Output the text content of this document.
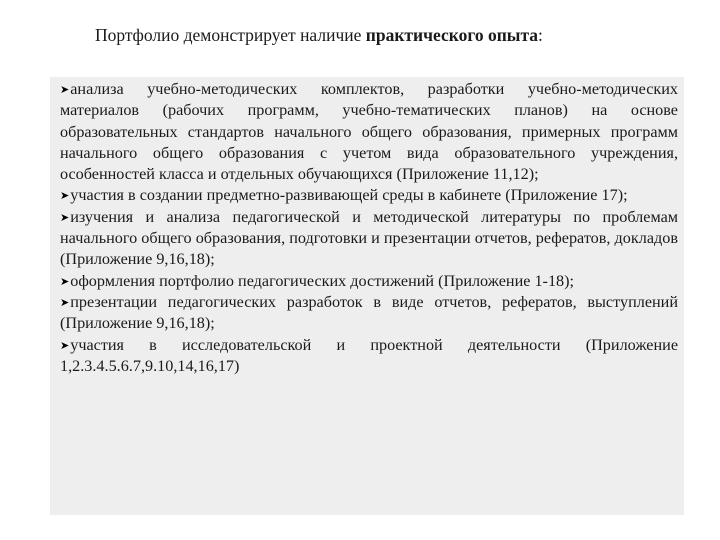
Портфолио демонстрирует наличие практического опыта:
➤анализа учебно-методических комплектов, разработки учебно-методических материалов (рабочих программ, учебно-тематических планов) на основе образовательных стандартов начального общего образования, примерных программ начального общего образования с учетом вида образовательного учреждения, особенностей класса и отдельных обучающихся (Приложение 11,12);
➤участия в создании предметно-развивающей среды в кабинете (Приложение 17);
➤изучения и анализа педагогической и методической литературы по проблемам начального общего образования, подготовки и презентации отчетов, рефератов, докладов (Приложение 9,16,18);
➤оформления портфолио педагогических достижений (Приложение 1-18);
➤презентации педагогических разработок в виде отчетов, рефератов, выступлений (Приложение 9,16,18);
➤участия в исследовательской и проектной деятельности (Приложение 1,2.3.4.5.6.7,9.10,14,16,17)
